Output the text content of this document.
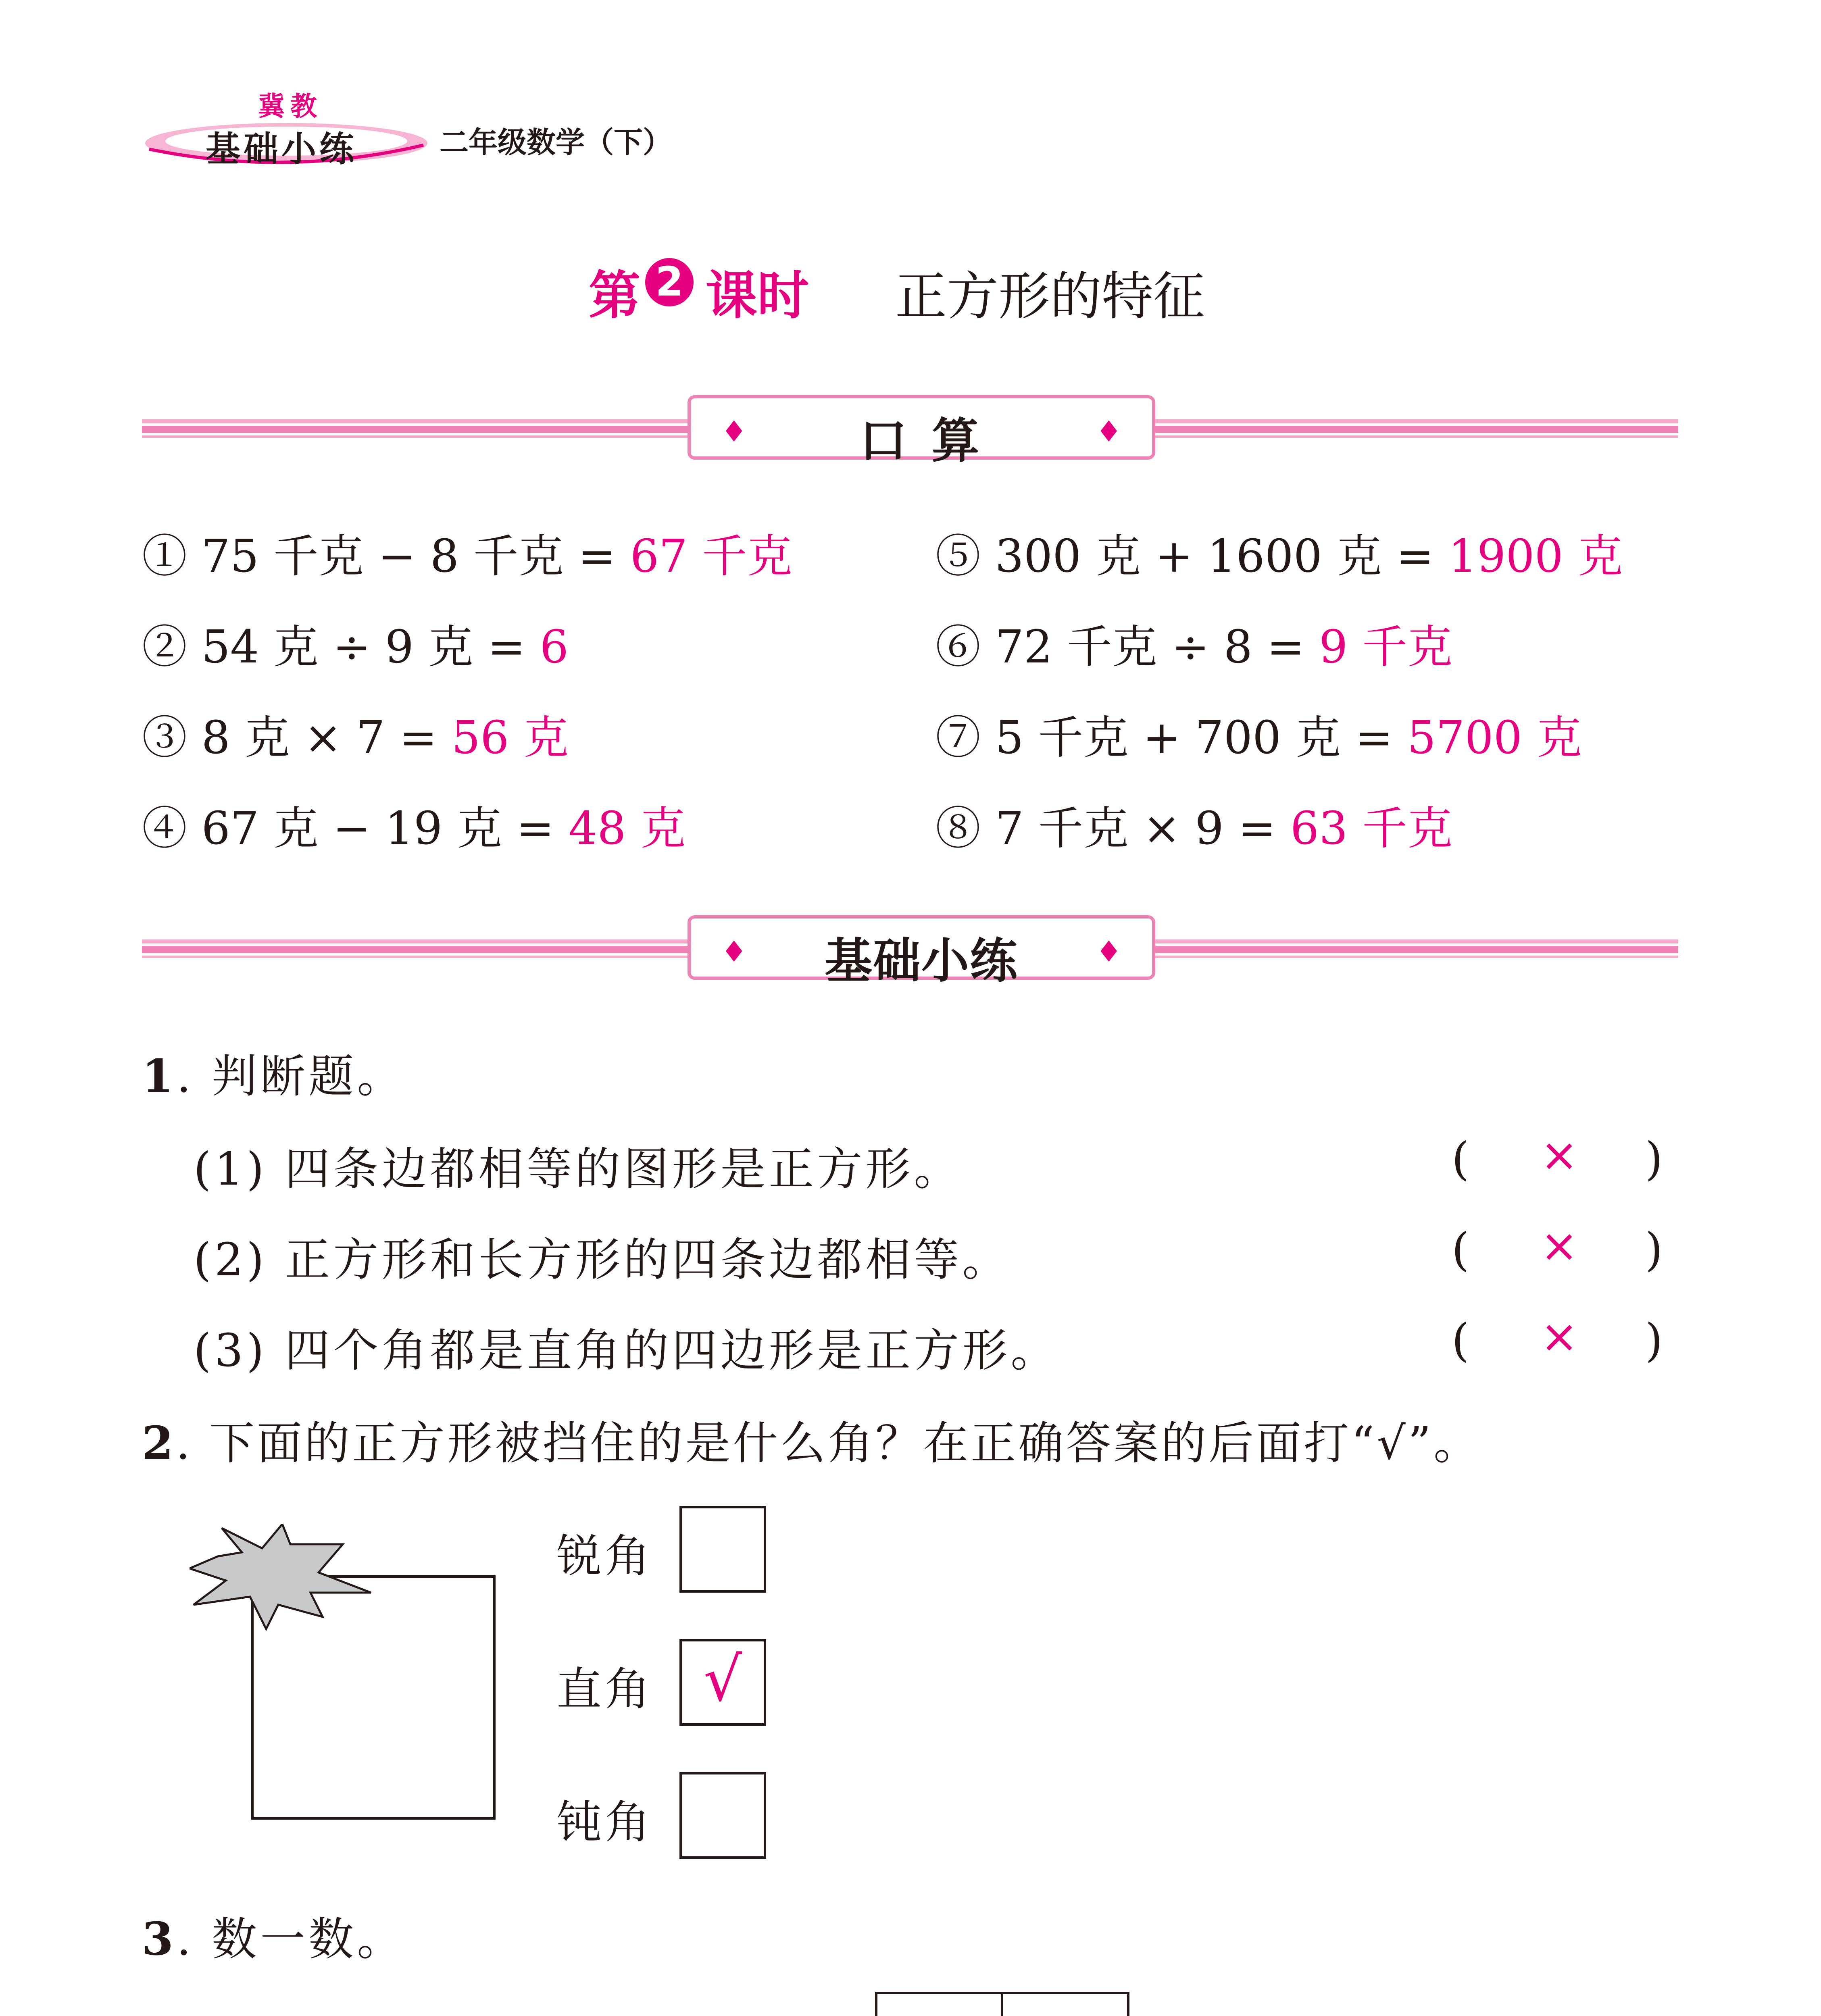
冀教
基础小练	二年级数学（下）
第 2 课时 正方形的特征
♦	口 算	♦
① 75 千克 − 8 千克 = 67 千克
② 54 克 ÷ 9 克 = 6
③ 8 克 × 7 = 56 克
④ 67 克 − 19 克 = 48 克
⑤ 300 克 + 1600 克 = 1900 克
⑥ 72 千克 ÷ 8 = 9 千克
⑦ 5 千克 + 700 克 = 5700 克
⑧ 7 千克 × 9 = 63 千克
♦	基础小练	♦
1. 判断题。
(1) 四条边都相等的图形是正方形。	( × )
(2) 正方形和长方形的四条边都相等。	( × )
(3) 四个角都是直角的四边形是正方形。	( × )
2. 下面的正方形被挡住的是什么角？在正确答案的后面打“√”。
锐角
直角 √
钝角
3. 数一数。
